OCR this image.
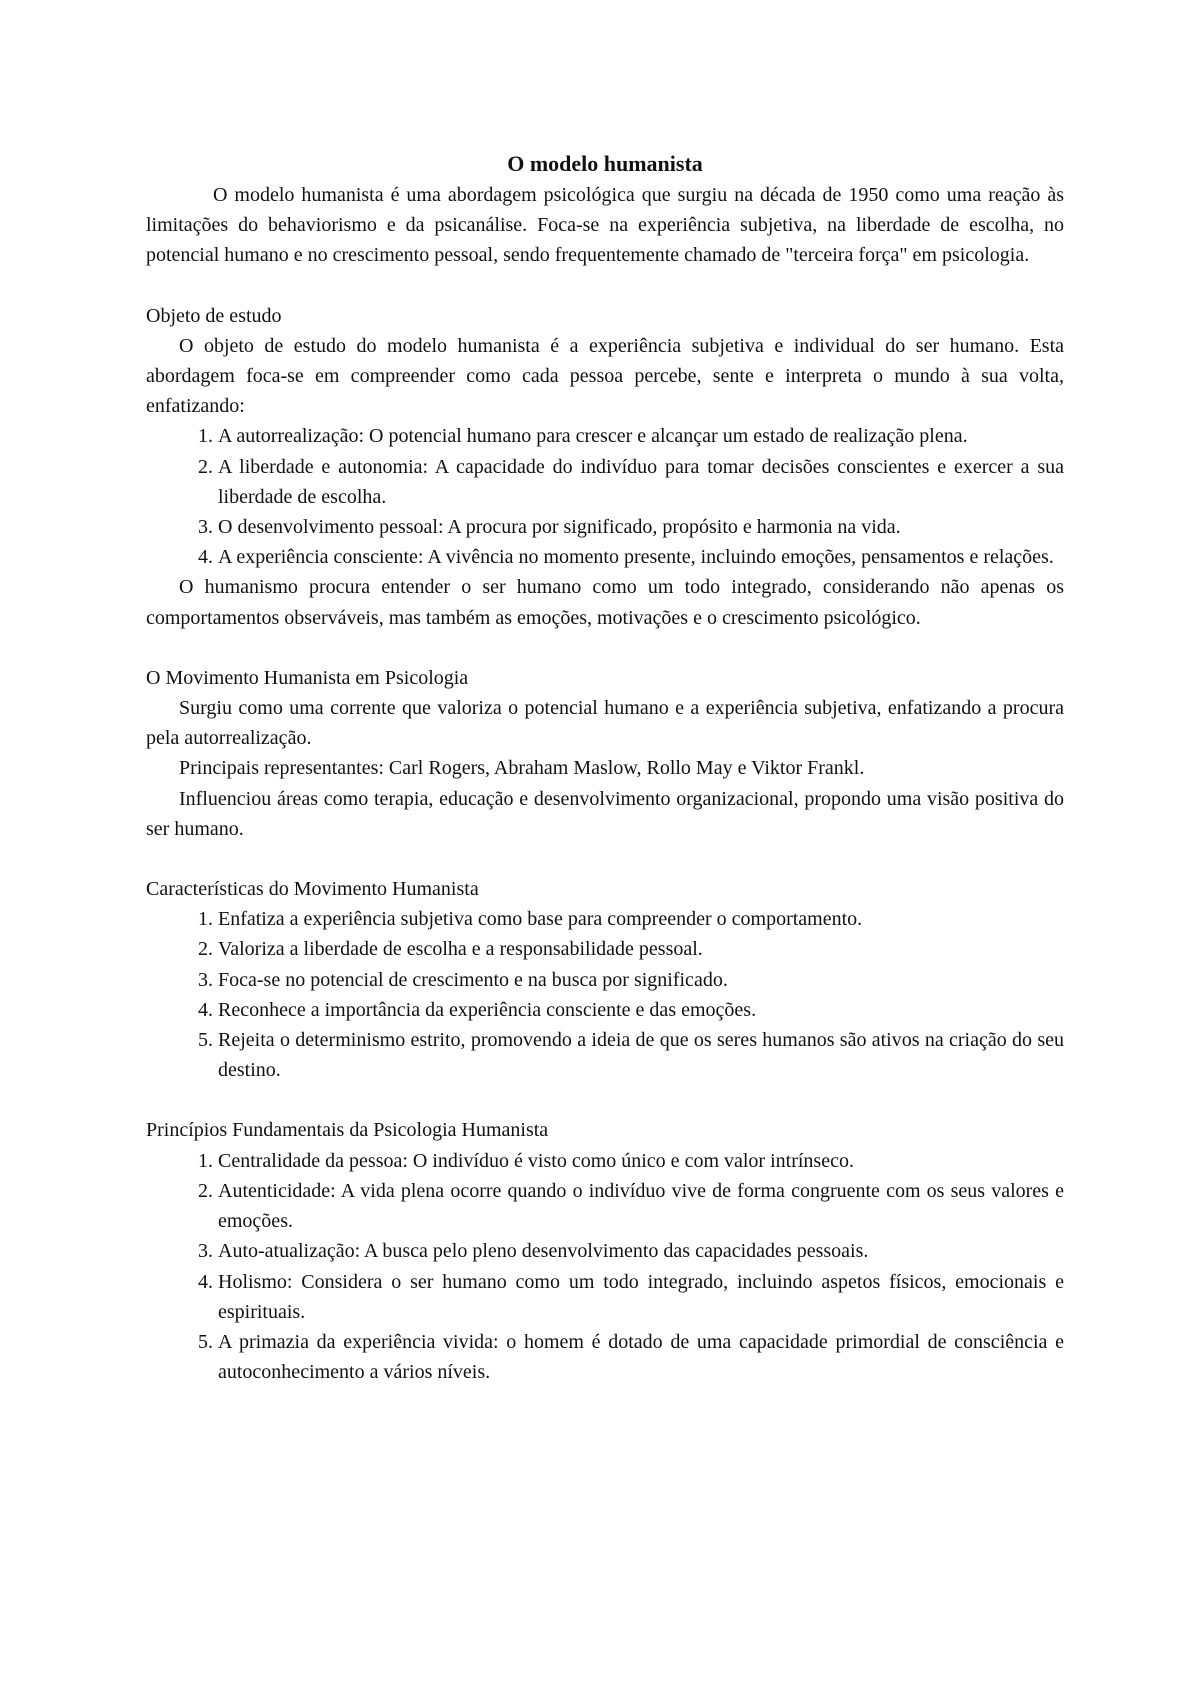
O modelo humanista

O modelo humanista é uma abordagem psicológica que surgiu na década de 1950 como uma reação às limitações do behaviorismo e da psicanálise. Foca-se na experiência subjetiva, na liberdade de escolha, no potencial humano e no crescimento pessoal, sendo frequentemente chamado de "terceira força" em psicologia.

Objeto de estudo

O objeto de estudo do modelo humanista é a experiência subjetiva e individual do ser humano. Esta abordagem foca-se em compreender como cada pessoa percebe, sente e interpreta o mundo à sua volta, enfatizando:

1. A autorrealização: O potencial humano para crescer e alcançar um estado de realização plena.
2. A liberdade e autonomia: A capacidade do indivíduo para tomar decisões conscientes e exercer a sua liberdade de escolha.
3. O desenvolvimento pessoal: A procura por significado, propósito e harmonia na vida.
4. A experiência consciente: A vivência no momento presente, incluindo emoções, pensamentos e relações.

O humanismo procura entender o ser humano como um todo integrado, considerando não apenas os comportamentos observáveis, mas também as emoções, motivações e o crescimento psicológico.

O Movimento Humanista em Psicologia

Surgiu como uma corrente que valoriza o potencial humano e a experiência subjetiva, enfatizando a procura pela autorrealização.

Principais representantes: Carl Rogers, Abraham Maslow, Rollo May e Viktor Frankl.

Influenciou áreas como terapia, educação e desenvolvimento organizacional, propondo uma visão positiva do ser humano.

Características do Movimento Humanista

1. Enfatiza a experiência subjetiva como base para compreender o comportamento.
2. Valoriza a liberdade de escolha e a responsabilidade pessoal.
3. Foca-se no potencial de crescimento e na busca por significado.
4. Reconhece a importância da experiência consciente e das emoções.
5. Rejeita o determinismo estrito, promovendo a ideia de que os seres humanos são ativos na criação do seu destino.

Princípios Fundamentais da Psicologia Humanista

1. Centralidade da pessoa: O indivíduo é visto como único e com valor intrínseco.
2. Autenticidade: A vida plena ocorre quando o indivíduo vive de forma congruente com os seus valores e emoções.
3. Auto-atualização: A busca pelo pleno desenvolvimento das capacidades pessoais.
4. Holismo: Considera o ser humano como um todo integrado, incluindo aspetos físicos, emocionais e espirituais.
5. A primazia da experiência vivida: o homem é dotado de uma capacidade primordial de consciência e autoconhecimento a vários níveis.
